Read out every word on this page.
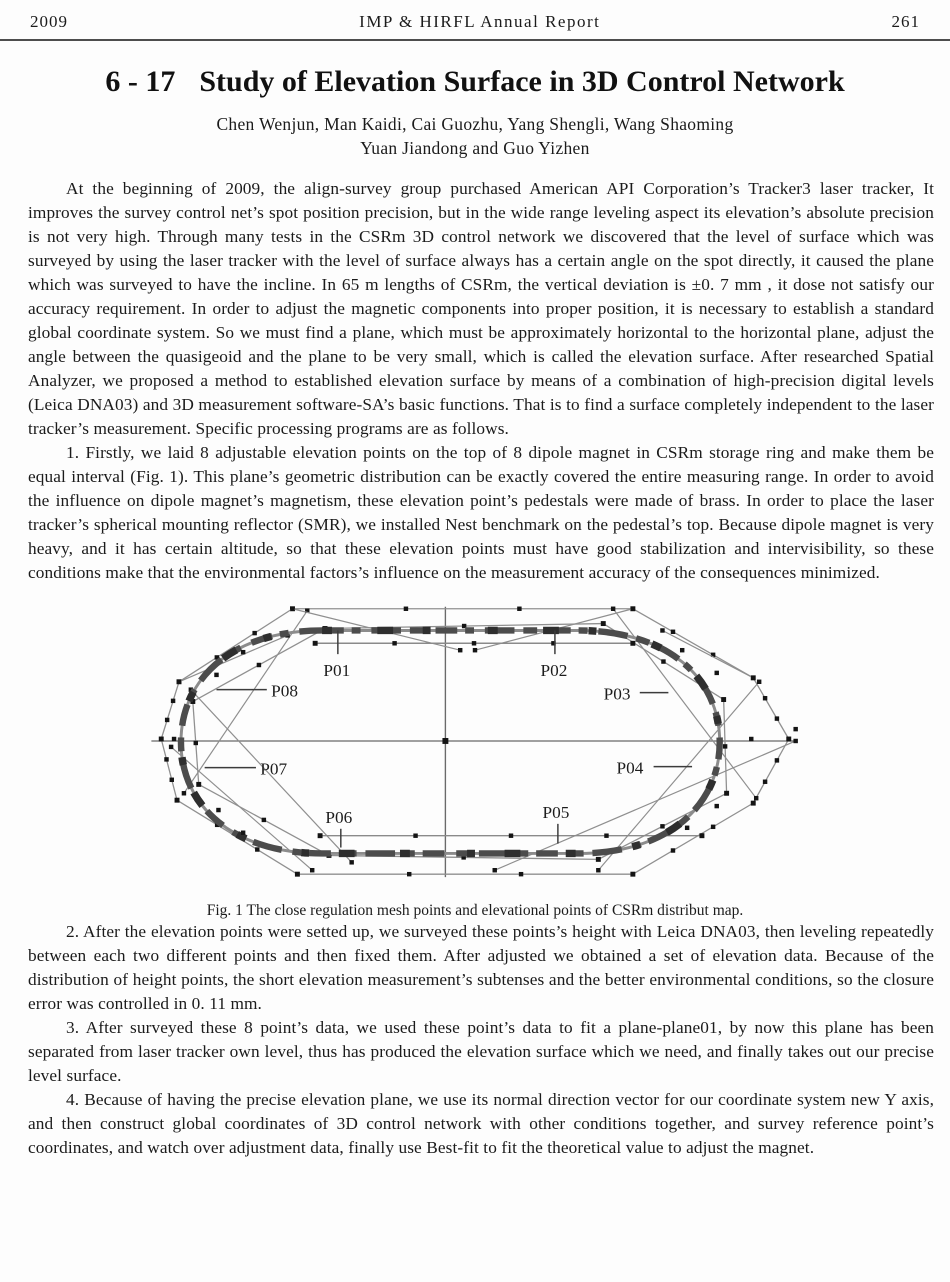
2009	IMP & HIRFL Annual Report	261
6 - 17 Study of Elevation Surface in 3D Control Network
Chen Wenjun, Man Kaidi, Cai Guozhu, Yang Shengli, Wang Shaoming
Yuan Jiandong and Guo Yizhen

At the beginning of 2009, the align-survey group purchased American API Corporation’s Tracker3 laser tracker, It improves the survey control net’s spot position precision, but in the wide range leveling aspect its elevation’s absolute precision is not very high. Through many tests in the CSRm 3D control network we discovered that the level of surface which was surveyed by using the laser tracker with the level of surface always has a certain angle on the spot directly, it caused the plane which was surveyed to have the incline. In 65 m lengths of CSRm, the vertical deviation is ±0. 7 mm , it dose not satisfy our accuracy requirement. In order to adjust the magnetic components into proper position, it is necessary to establish a standard global coordinate system. So we must find a plane, which must be approximately horizontal to the horizontal plane, adjust the angle between the quasigeoid and the plane to be very small, which is called the elevation surface. After researched Spatial Analyzer, we proposed a method to established elevation surface by means of a combination of high-precision digital levels (Leica DNA03) and 3D measurement software-SA’s basic functions. That is to find a surface completely independent to the laser tracker’s measurement. Specific processing programs are as follows.

1. Firstly, we laid 8 adjustable elevation points on the top of 8 dipole magnet in CSRm storage ring and make them be equal interval (Fig. 1). This plane’s geometric distribution can be exactly covered the entire measuring range. In order to avoid the influence on dipole magnet’s magnetism, these elevation point’s pedestals were made of brass. In order to place the laser tracker’s spherical mounting reflector (SMR), we installed Nest benchmark on the pedestal’s top. Because dipole magnet is very heavy, and it has certain altitude, so that these elevation points must have good stabilization and intervisibility, so these conditions make that the environmental factors’s influence on the measurement accuracy of the consequences minimized.

P01	P02
P03
P04
P05
P06
P07
P08
Fig. 1 The close regulation mesh points and elevational points of CSRm distribut map.

2. After the elevation points were setted up, we surveyed these points’s height with Leica DNA03, then leveling repeatedly between each two different points and then fixed them. After adjusted we obtained a set of elevation data. Because of the distribution of height points, the short elevation measurement’s subtenses and the better environmental conditions, so the closure error was controlled in 0. 11 mm.

3. After surveyed these 8 point’s data, we used these point’s data to fit a plane-plane01, by now this plane has been separated from laser tracker own level, thus has produced the elevation surface which we need, and finally takes out our precise level surface.

4. Because of having the precise elevation plane, we use its normal direction vector for our coordinate system new Y axis, and then construct global coordinates of 3D control network with other conditions together, and survey reference point’s coordinates, and watch over adjustment data, finally use Best-fit to fit the theoretical value to adjust the magnet.
